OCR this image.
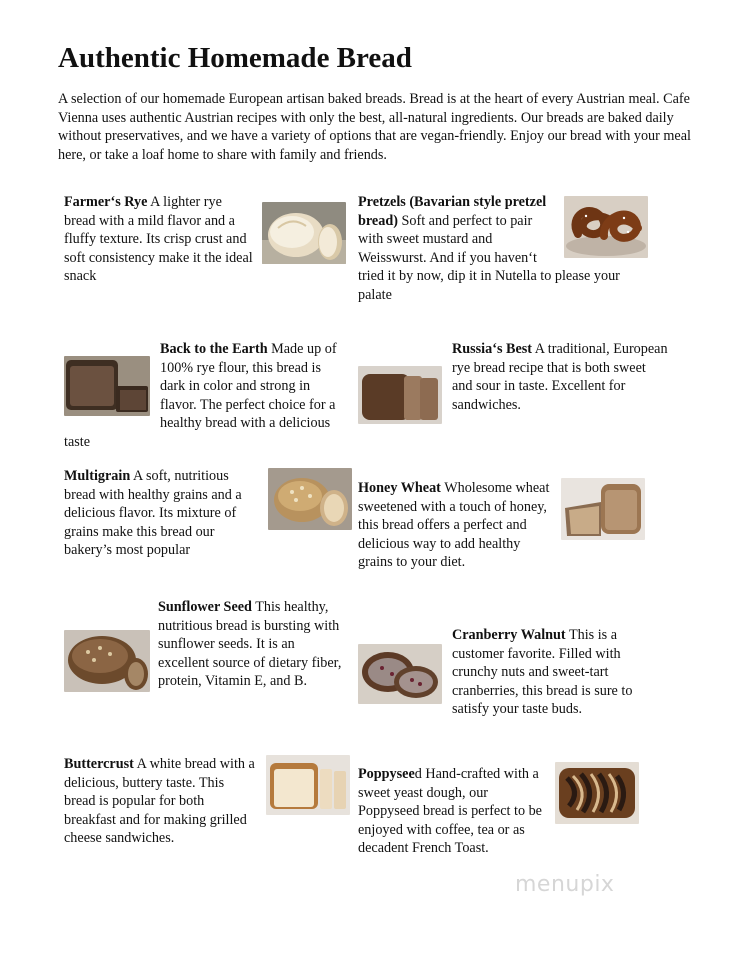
Authentic Homemade Bread

A selection of our homemade European artisan baked breads. Bread is at the heart of every Austrian meal. Cafe Vienna uses authentic Austrian recipes with only the best, all-natural ingredients. Our breads are baked daily without preservatives, and we have a variety of options that are vegan-friendly. Enjoy our bread with your meal here, or take a loaf home to share with family and friends.

Farmer‘s Rye A lighter rye bread with a mild flavor and a fluffy texture. Its crisp crust and soft consistency make it the ideal snack
Pretzels (Bavarian style pretzel bread) Soft and perfect to pair with sweet mustard and Weisswurst. And if you haven‘t tried it by now, dip it in Nutella to please your palate
Back to the Earth Made up of 100% rye flour, this bread is dark in color and strong in flavor. The perfect choice for a healthy bread with a delicious taste
Russia‘s Best A traditional, European rye bread recipe that is both sweet and sour in taste. Excellent for sandwiches.
Multigrain A soft, nutritious bread with healthy grains and a delicious flavor. Its mixture of grains make this bread our bakery’s most popular
Honey Wheat Wholesome wheat sweetened with a touch of honey, this bread offers a perfect and delicious way to add healthy grains to your diet.
Sunflower Seed This healthy, nutritious bread is bursting with sunflower seeds. It is an excellent source of dietary fiber, protein, Vitamin E, and B.
Cranberry Walnut This is a customer favorite. Filled with crunchy nuts and sweet-tart cranberries, this bread is sure to satisfy your taste buds.
Buttercrust A white bread with a delicious, buttery taste. This bread is popular for both breakfast and for making grilled cheese sandwiches.
Poppyseed Hand-crafted with a sweet yeast dough, our Poppyseed bread is perfect to be enjoyed with coffee, tea or as decadent French Toast.
menupix
